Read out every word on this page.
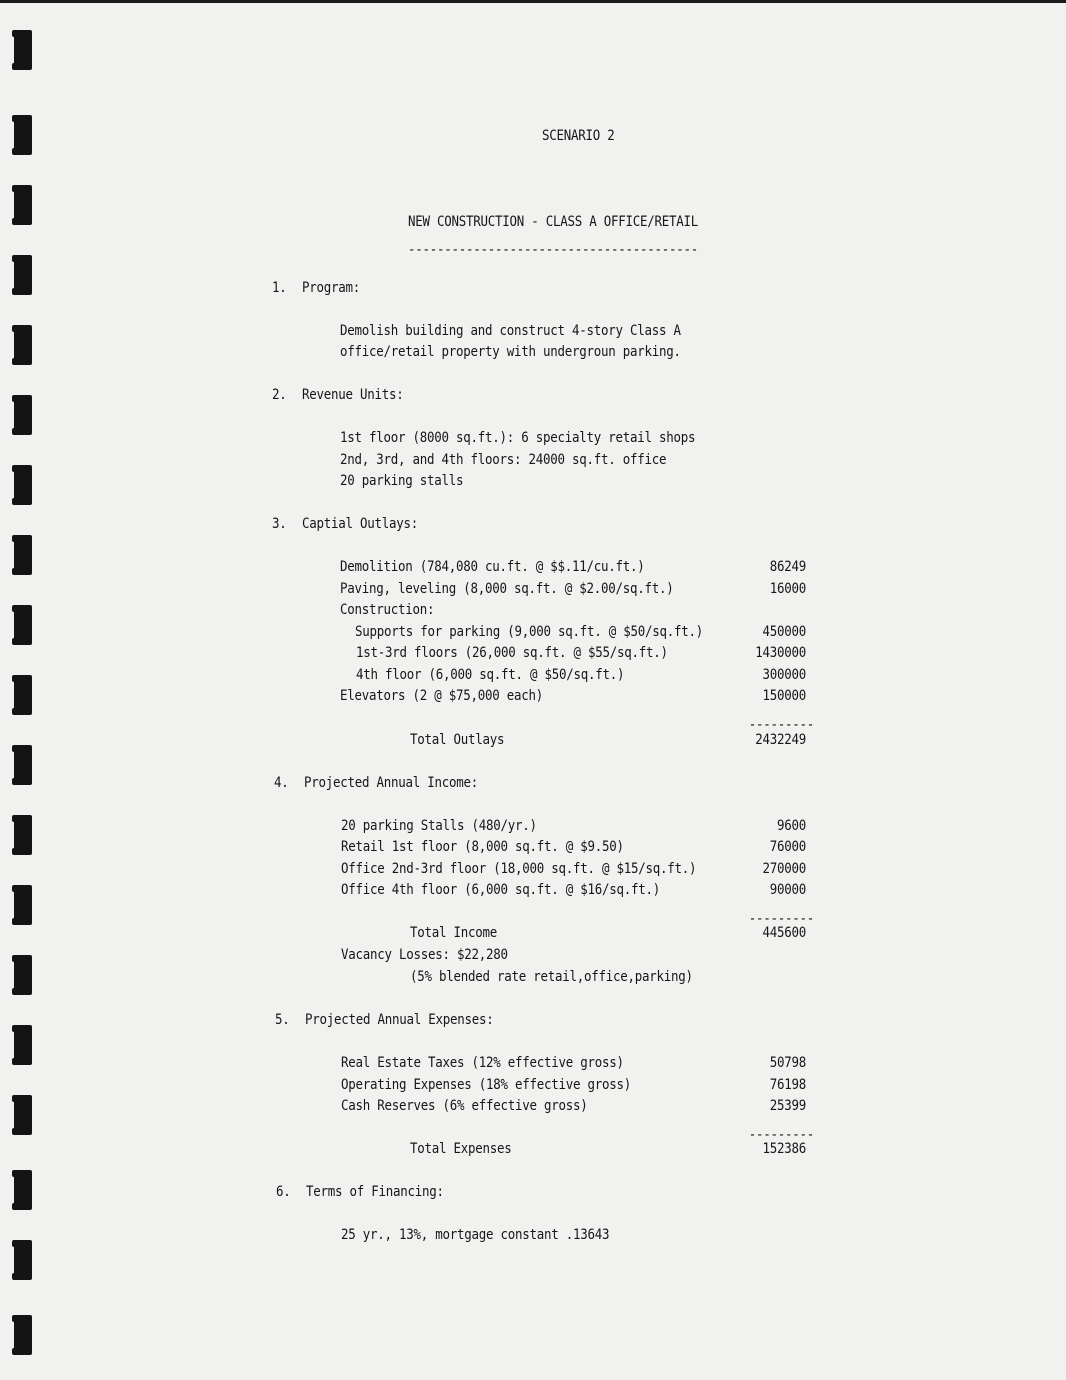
SCENARIO 2
NEW CONSTRUCTION - CLASS A OFFICE/RETAIL
----------------------------------------
1. Program:
Demolish building and construct 4-story Class A
office/retail property with undergroun parking.
2. Revenue Units:
1st floor (8000 sq.ft.): 6 specialty retail shops
2nd, 3rd, and 4th floors: 24000 sq.ft. office
20 parking stalls
3. Captial Outlays:
Demolition (784,080 cu.ft. @ $$.11/cu.ft.)	86249
Paving, leveling (8,000 sq.ft. @ $2.00/sq.ft.)	16000
Construction:
Supports for parking (9,000 sq.ft. @ $50/sq.ft.)	450000
1st-3rd floors (26,000 sq.ft. @ $55/sq.ft.)	1430000
4th floor (6,000 sq.ft. @ $50/sq.ft.)	300000
Elevators (2 @ $75,000 each)	150000
---------
Total Outlays	2432249
4. Projected Annual Income:
20 parking Stalls (480/yr.)	9600
Retail 1st floor (8,000 sq.ft. @ $9.50)	76000
Office 2nd-3rd floor (18,000 sq.ft. @ $15/sq.ft.)	270000
Office 4th floor (6,000 sq.ft. @ $16/sq.ft.)	90000
---------
Total Income	445600
Vacancy Losses: $22,280
(5% blended rate retail,office,parking)
5. Projected Annual Expenses:
Real Estate Taxes (12% effective gross)	50798
Operating Expenses (18% effective gross)	76198
Cash Reserves (6% effective gross)	25399
---------
Total Expenses	152386
6. Terms of Financing:
25 yr., 13%, mortgage constant .13643
